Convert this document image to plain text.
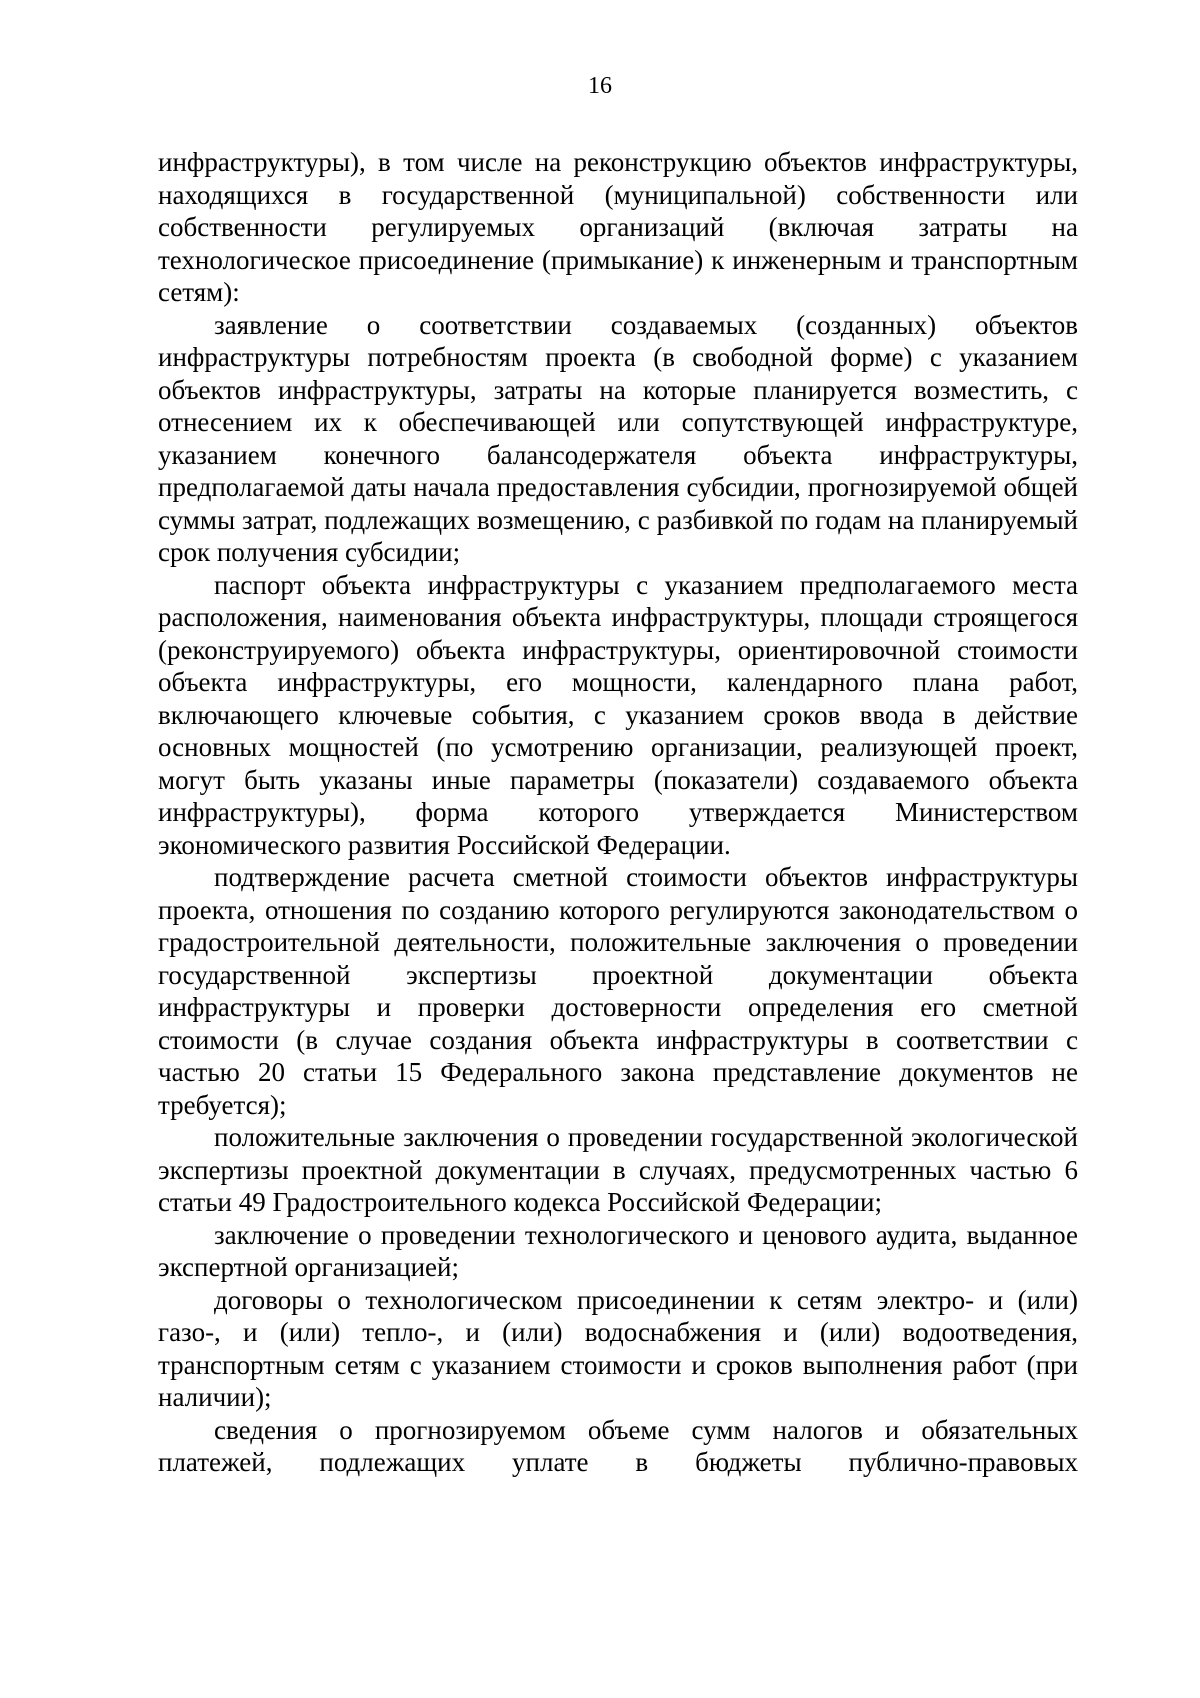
16

инфраструктуры), в том числе на реконструкцию объектов инфраструктуры, находящихся в государственной (муниципальной) собственности или собственности регулируемых организаций (включая затраты на технологическое присоединение (примыкание) к инженерным и транспортным сетям):

заявление о соответствии создаваемых (созданных) объектов инфраструктуры потребностям проекта (в свободной форме) с указанием объектов инфраструктуры, затраты на которые планируется возместить, с отнесением их к обеспечивающей или сопутствующей инфраструктуре, указанием конечного балансодержателя объекта инфраструктуры, предполагаемой даты начала предоставления субсидии, прогнозируемой общей суммы затрат, подлежащих возмещению, с разбивкой по годам на планируемый срок получения субсидии;

паспорт объекта инфраструктуры с указанием предполагаемого места расположения, наименования объекта инфраструктуры, площади строящегося (реконструируемого) объекта инфраструктуры, ориентировочной стоимости объекта инфраструктуры, его мощности, календарного плана работ, включающего ключевые события, с указанием сроков ввода в действие основных мощностей (по усмотрению организации, реализующей проект, могут быть указаны иные параметры (показатели) создаваемого объекта инфраструктуры), форма которого утверждается Министерством экономического развития Российской Федерации.

подтверждение расчета сметной стоимости объектов инфраструктуры проекта, отношения по созданию которого регулируются законодательством о градостроительной деятельности, положительные заключения о проведении государственной экспертизы проектной документации объекта инфраструктуры и проверки достоверности определения его сметной стоимости (в случае создания объекта инфраструктуры в соответствии с частью 20 статьи 15 Федерального закона представление документов не требуется);

положительные заключения о проведении государственной экологической экспертизы проектной документации в случаях, предусмотренных частью 6 статьи 49 Градостроительного кодекса Российской Федерации;

заключение о проведении технологического и ценового аудита, выданное экспертной организацией;

договоры о технологическом присоединении к сетям электро- и (или) газо-, и (или) тепло-, и (или) водоснабжения и (или) водоотведения, транспортным сетям с указанием стоимости и сроков выполнения работ (при наличии);

сведения о прогнозируемом объеме сумм налогов и обязательных платежей, подлежащих уплате в бюджеты публично-правовых
